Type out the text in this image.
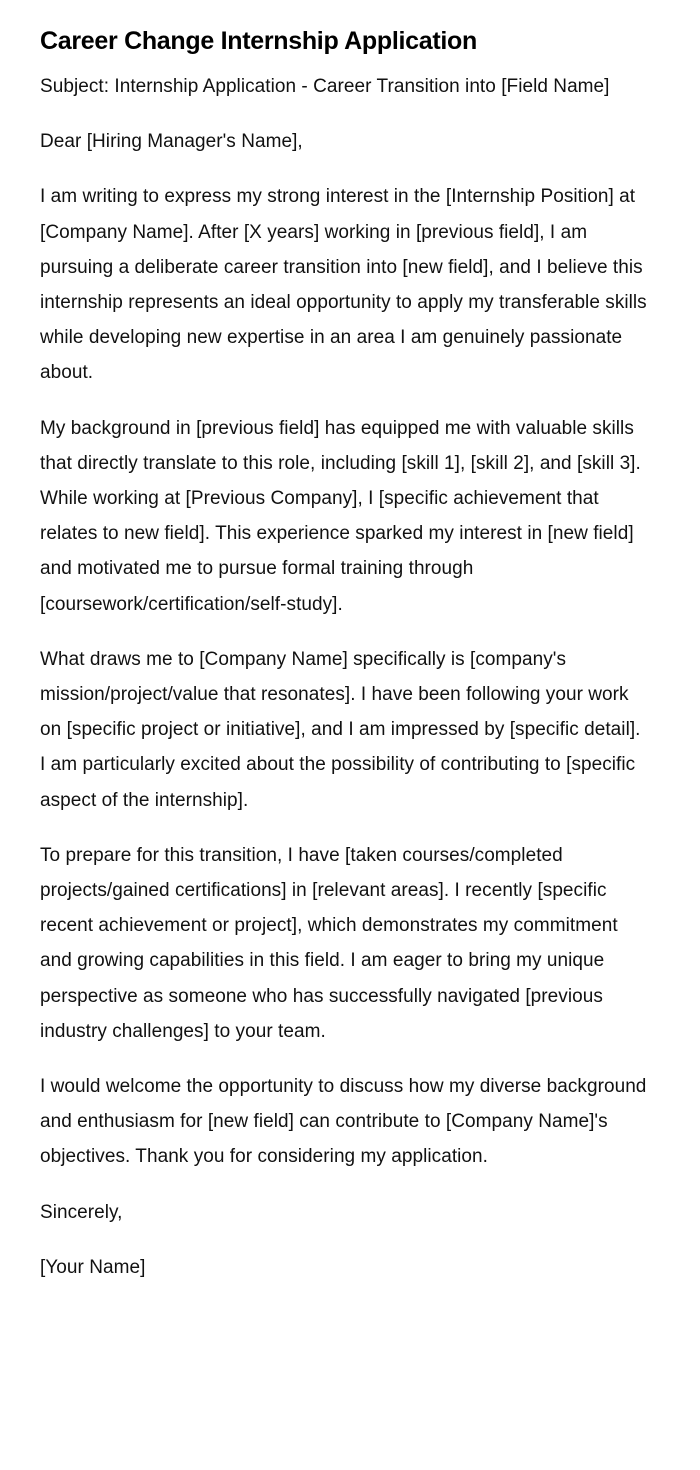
Career Change Internship Application

Subject: Internship Application - Career Transition into [Field Name]

Dear [Hiring Manager's Name],

I am writing to express my strong interest in the [Internship Position] at [Company Name]. After [X years] working in [previous field], I am pursuing a deliberate career transition into [new field], and I believe this internship represents an ideal opportunity to apply my transferable skills while developing new expertise in an area I am genuinely passionate about.

My background in [previous field] has equipped me with valuable skills that directly translate to this role, including [skill 1], [skill 2], and [skill 3]. While working at [Previous Company], I [specific achievement that relates to new field]. This experience sparked my interest in [new field] and motivated me to pursue formal training through [coursework/certification/self-study].

What draws me to [Company Name] specifically is [company's mission/project/value that resonates]. I have been following your work on [specific project or initiative], and I am impressed by [specific detail]. I am particularly excited about the possibility of contributing to [specific aspect of the internship].

To prepare for this transition, I have [taken courses/completed projects/gained certifications] in [relevant areas]. I recently [specific recent achievement or project], which demonstrates my commitment and growing capabilities in this field. I am eager to bring my unique perspective as someone who has successfully navigated [previous industry challenges] to your team.

I would welcome the opportunity to discuss how my diverse background and enthusiasm for [new field] can contribute to [Company Name]'s objectives. Thank you for considering my application.

Sincerely,

[Your Name]
